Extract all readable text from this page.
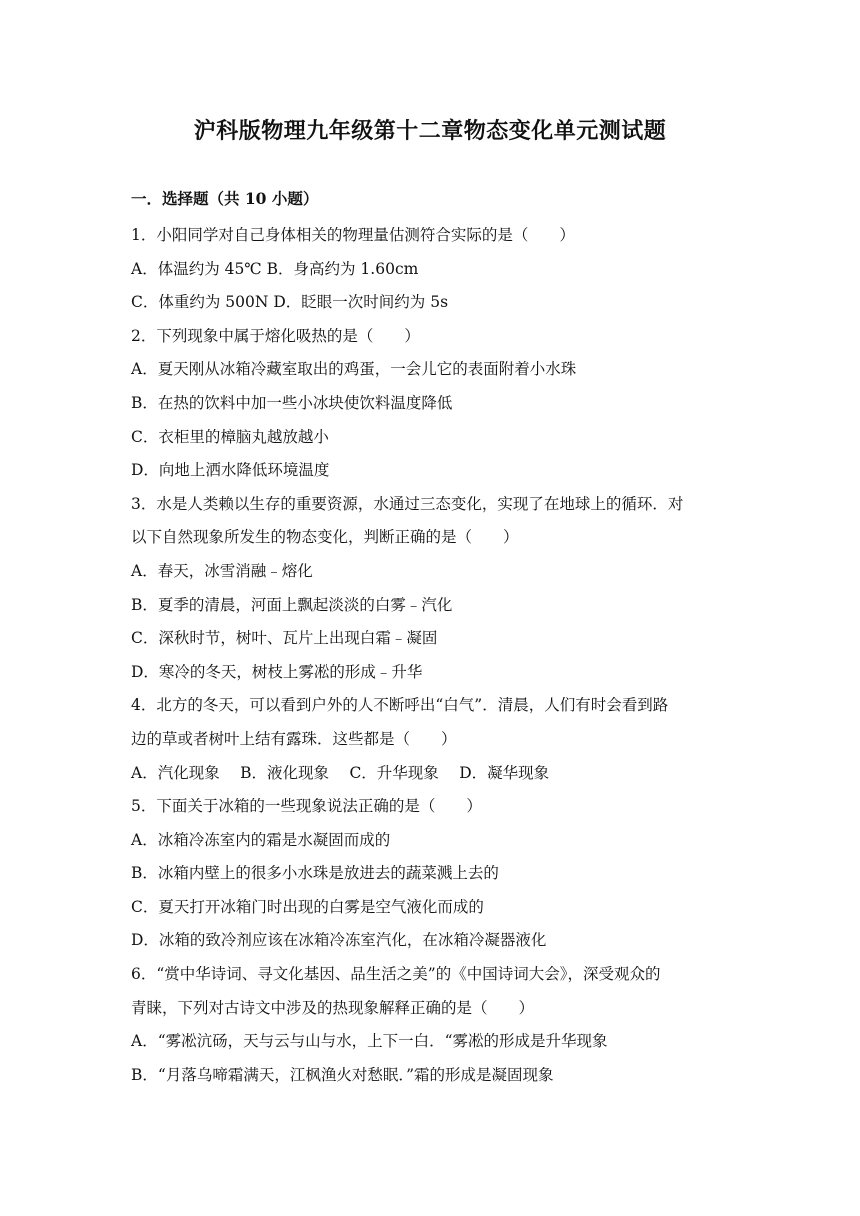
沪科版物理九年级第十二章物态变化单元测试题
一．选择题（共 10 小题）
1．小阳同学对自己身体相关的物理量估测符合实际的是（　　）
A．体温约为 45℃ B．身高约为 1.60cm
C．体重约为 500N D．眨眼一次时间约为 5s
2．下列现象中属于熔化吸热的是（　　）
A．夏天刚从冰箱冷藏室取出的鸡蛋，一会儿它的表面附着小水珠
B．在热的饮料中加一些小冰块使饮料温度降低
C．衣柜里的樟脑丸越放越小
D．向地上洒水降低环境温度
3．水是人类赖以生存的重要资源，水通过三态变化，实现了在地球上的循环．对
以下自然现象所发生的物态变化，判断正确的是（　　）
A．春天，冰雪消融﹣熔化
B．夏季的清晨，河面上飘起淡淡的白雾﹣汽化
C．深秋时节，树叶、瓦片上出现白霜﹣凝固
D．寒冷的冬天，树枝上雾凇的形成﹣升华
4．北方的冬天，可以看到户外的人不断呼出“白气”．清晨，人们有时会看到路
边的草或者树叶上结有露珠．这些都是（　　）
A．汽化现象　 B．液化现象　 C．升华现象　 D．凝华现象
5．下面关于冰箱的一些现象说法正确的是（　　）
A．冰箱冷冻室内的霜是水凝固而成的
B．冰箱内壁上的很多小水珠是放进去的蔬菜溅上去的
C．夏天打开冰箱门时出现的白雾是空气液化而成的
D．冰箱的致冷剂应该在冰箱冷冻室汽化，在冰箱冷凝器液化
6．“赏中华诗词、寻文化基因、品生活之美”的《中国诗词大会》，深受观众的
青睐，下列对古诗文中涉及的热现象解释正确的是（　　）
A．“雾凇沆砀，天与云与山与水，上下一白．“雾凇的形成是升华现象
B．“月落乌啼霜满天，江枫渔火对愁眠．”霜的形成是凝固现象
